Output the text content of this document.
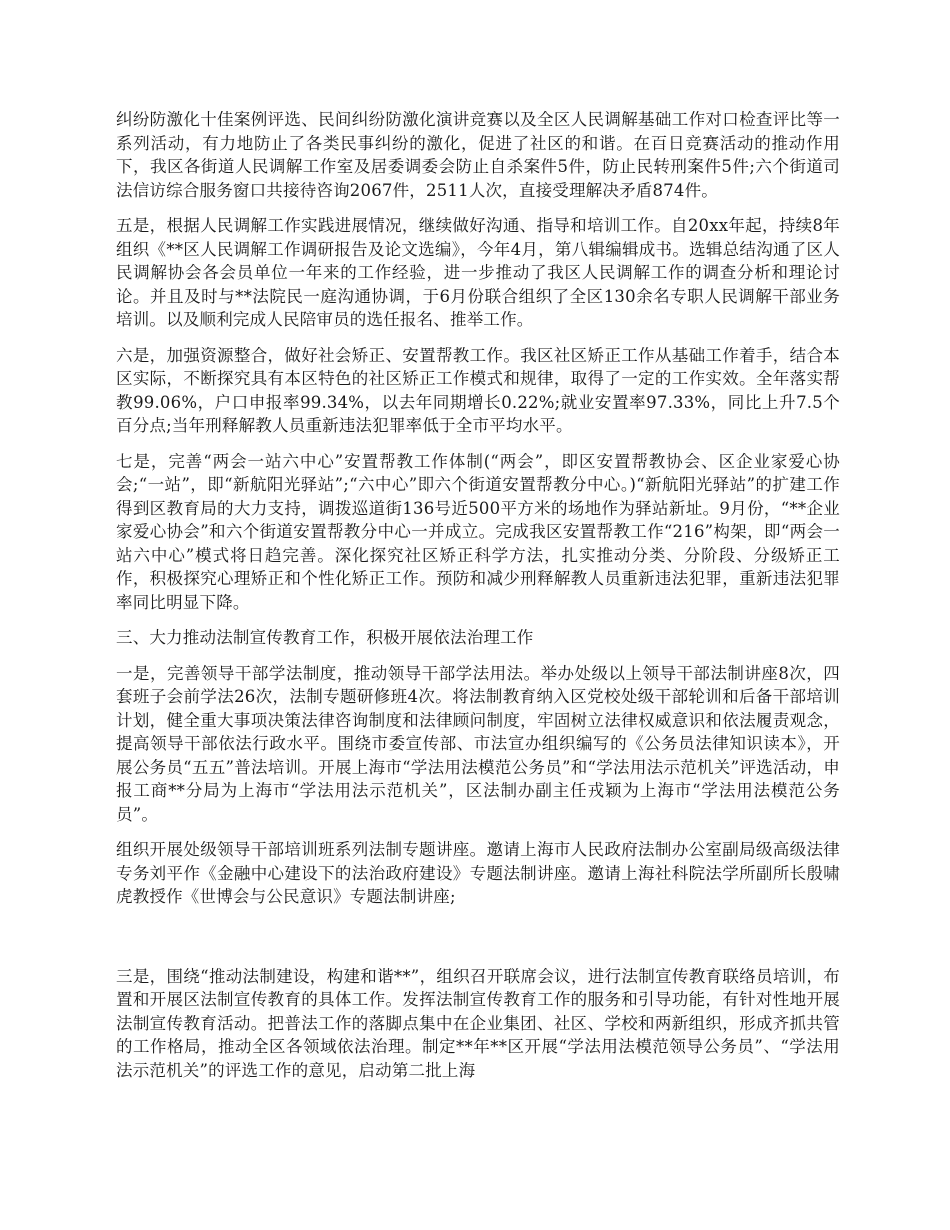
纠纷防激化十佳案例评选、民间纠纷防激化演讲竞赛以及全区人民调解基础工作对口检查评比等一系列活动，有力地防止了各类民事纠纷的激化，促进了社区的和谐。在百日竞赛活动的推动作用下，我区各街道人民调解工作室及居委调委会防止自杀案件5件，防止民转刑案件5件;六个街道司法信访综合服务窗口共接待咨询2067件，2511人次，直接受理解决矛盾874件。

五是，根据人民调解工作实践进展情况，继续做好沟通、指导和培训工作。自20xx年起，持续8年组织《**区人民调解工作调研报告及论文选编》，今年4月，第八辑编辑成书。选辑总结沟通了区人民调解协会各会员单位一年来的工作经验，进一步推动了我区人民调解工作的调查分析和理论讨论。并且及时与**法院民一庭沟通协调，于6月份联合组织了全区130余名专职人民调解干部业务培训。以及顺利完成人民陪审员的选任报名、推举工作。

六是，加强资源整合，做好社会矫正、安置帮教工作。我区社区矫正工作从基础工作着手，结合本区实际，不断探究具有本区特色的社区矫正工作模式和规律，取得了一定的工作实效。全年落实帮教99.06%，户口申报率99.34%，以去年同期增长0.22%;就业安置率97.33%，同比上升7.5个百分点;当年刑释解教人员重新违法犯罪率低于全市平均水平。

七是，完善“两会一站六中心”安置帮教工作体制(“两会”，即区安置帮教协会、区企业家爱心协会;“一站”，即“新航阳光驿站”;“六中心”即六个街道安置帮教分中心。)“新航阳光驿站”的扩建工作得到区教育局的大力支持，调拨巡道街136号近500平方米的场地作为驿站新址。9月份，“**企业家爱心协会”和六个街道安置帮教分中心一并成立。完成我区安置帮教工作“216”构架，即“两会一站六中心”模式将日趋完善。深化探究社区矫正科学方法，扎实推动分类、分阶段、分级矫正工作，积极探究心理矫正和个性化矫正工作。预防和减少刑释解教人员重新违法犯罪，重新违法犯罪率同比明显下降。

三、大力推动法制宣传教育工作，积极开展依法治理工作

一是，完善领导干部学法制度，推动领导干部学法用法。举办处级以上领导干部法制讲座8次，四套班子会前学法26次，法制专题研修班4次。将法制教育纳入区党校处级干部轮训和后备干部培训计划，健全重大事项决策法律咨询制度和法律顾问制度，牢固树立法律权威意识和依法履责观念，提高领导干部依法行政水平。围绕市委宣传部、市法宣办组织编写的《公务员法律知识读本》，开展公务员“五五”普法培训。开展上海市“学法用法模范公务员”和“学法用法示范机关”评选活动，申报工商**分局为上海市“学法用法示范机关”，区法制办副主任戎颖为上海市“学法用法模范公务员”。

组织开展处级领导干部培训班系列法制专题讲座。邀请上海市人民政府法制办公室副局级高级法律专务刘平作《金融中心建设下的法治政府建设》专题法制讲座。邀请上海社科院法学所副所长殷啸虎教授作《世博会与公民意识》专题法制讲座;

三是，围绕“推动法制建设，构建和谐**”，组织召开联席会议，进行法制宣传教育联络员培训，布置和开展区法制宣传教育的具体工作。发挥法制宣传教育工作的服务和引导功能，有针对性地开展法制宣传教育活动。把普法工作的落脚点集中在企业集团、社区、学校和两新组织，形成齐抓共管的工作格局，推动全区各领域依法治理。制定**年**区开展“学法用法模范领导公务员”、“学法用法示范机关”的评选工作的意见，启动第二批上海
